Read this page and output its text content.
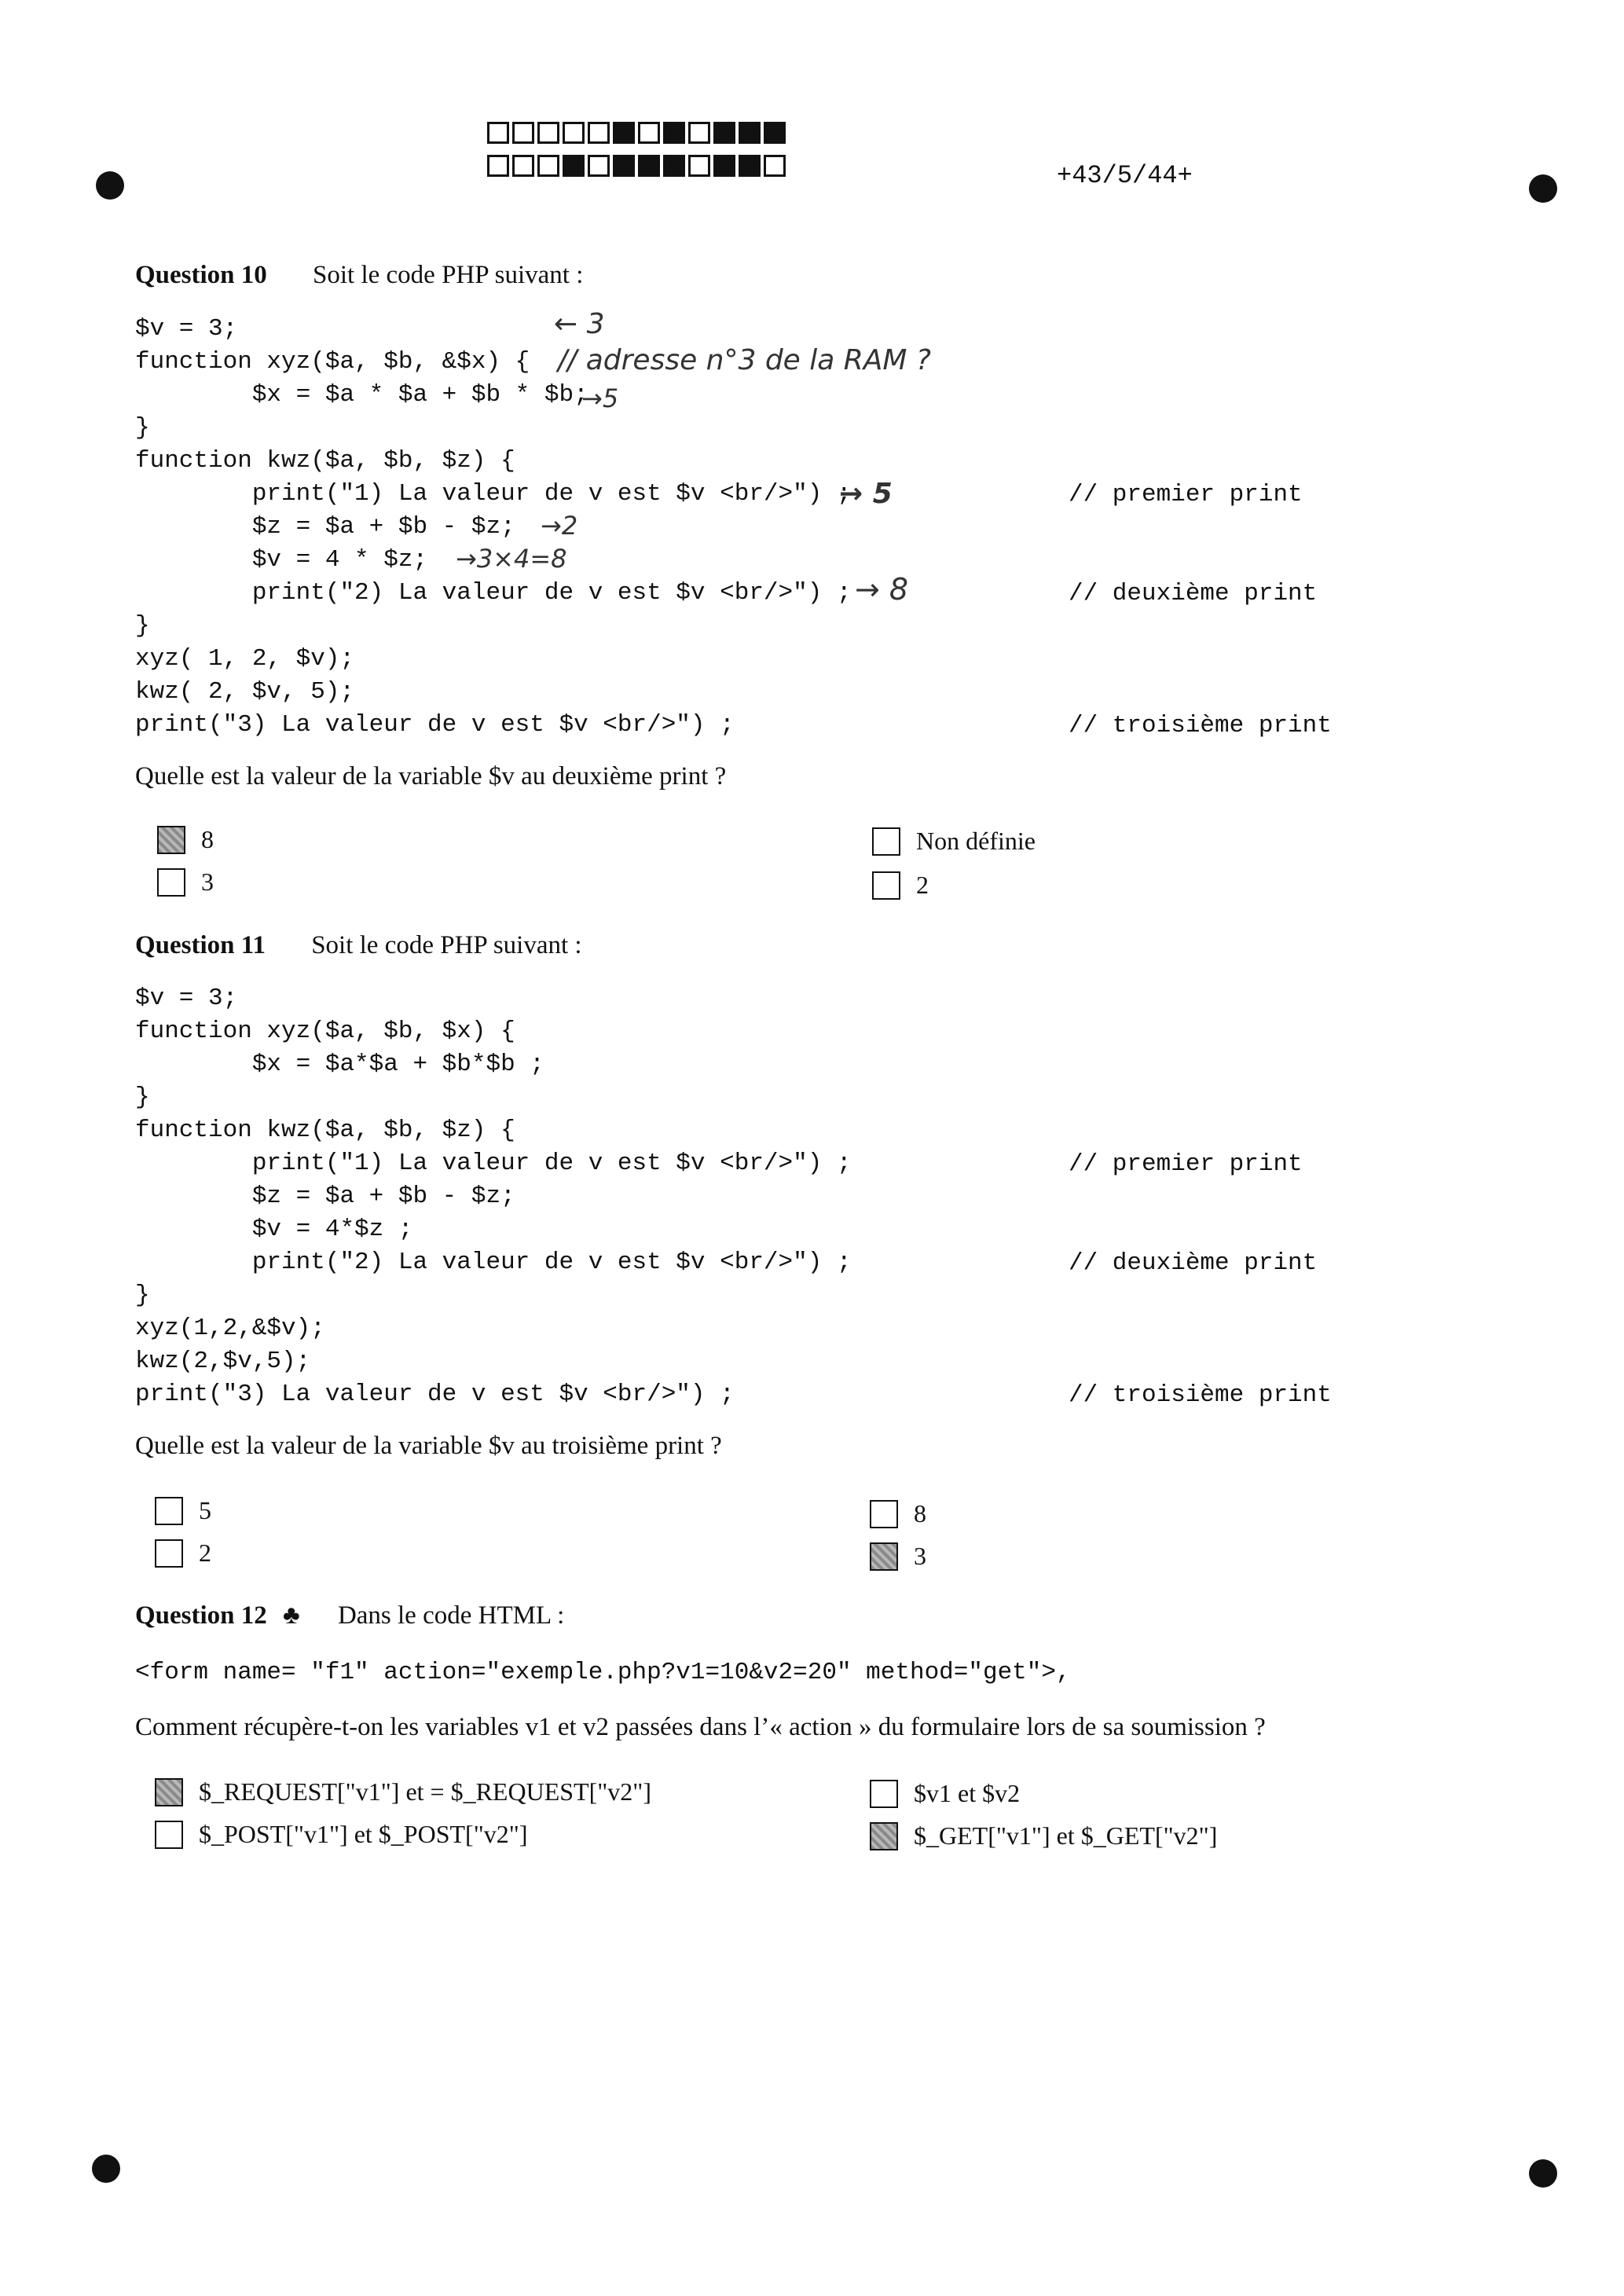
+43/5/44+
Question 10 Soit le code PHP suivant :
$v = 3;
function xyz($a, $b, &$x) {
$x = $a * $a + $b * $b;
}
function kwz($a, $b, $z) {
print("1) La valeur de v est $v <br/>") ;
$z = $a + $b - $z;
$v = 4 * $z;
print("2) La valeur de v est $v <br/>") ;
}
xyz( 1, 2, $v);
kwz( 2, $v, 5);
print("3) La valeur de v est $v <br/>") ;
// premier print
// deuxième print
// troisième print
← 3
// adresse n°3 de la RAM ?
→5
→ 5
→2
→3×4=8
→ 8
Quelle est la valeur de la variable $v au deuxième print ?
8
3
Non définie
2
Question 11 Soit le code PHP suivant :
$v = 3;
function xyz($a, $b, $x) {
$x = $a*$a + $b*$b ;
}
function kwz($a, $b, $z) {
print("1) La valeur de v est $v <br/>") ;
$z = $a + $b - $z;
$v = 4*$z ;
print("2) La valeur de v est $v <br/>") ;
}
xyz(1,2,&$v);
kwz(2,$v,5);
print("3) La valeur de v est $v <br/>") ;
// premier print
// deuxième print
// troisième print
Quelle est la valeur de la variable $v au troisième print ?
5
2
8
3
Question 12 ♣ Dans le code HTML :
<form name= "f1" action="exemple.php?v1=10&v2=20" method="get">,
Comment récupère-t-on les variables v1 et v2 passées dans l’« action » du formulaire lors de sa soumission ?
$_REQUEST["v1"] et = $_REQUEST["v2"]
$_POST["v1"] et $_POST["v2"]
$v1 et $v2
$_GET["v1"] et $_GET["v2"]
